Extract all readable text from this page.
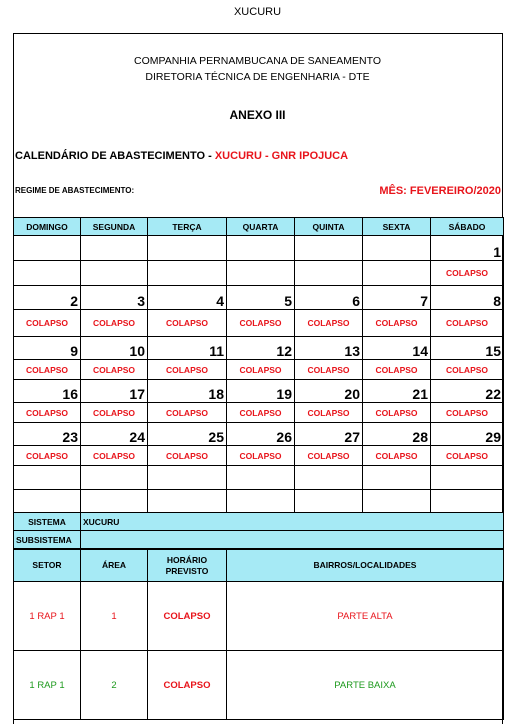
XUCURU
COMPANHIA PERNAMBUCANA DE SANEAMENTO
DIRETORIA TÉCNICA DE ENGENHARIA - DTE
ANEXO III
CALENDÁRIO DE ABASTECIMENTO - XUCURU - GNR IPOJUCA
REGIME DE ABASTECIMENTO:	MÊS: FEVEREIRO/2020
DOMINGO	SEGUNDA	TERÇA	QUARTA	QUINTA	SEXTA	SÁBADO
						1
						COLAPSO
2	3	4	5	6	7	8
COLAPSO	COLAPSO	COLAPSO	COLAPSO	COLAPSO	COLAPSO	COLAPSO
9	10	11	12	13	14	15
COLAPSO	COLAPSO	COLAPSO	COLAPSO	COLAPSO	COLAPSO	COLAPSO
16	17	18	19	20	21	22
COLAPSO	COLAPSO	COLAPSO	COLAPSO	COLAPSO	COLAPSO	COLAPSO
23	24	25	26	27	28	29
COLAPSO	COLAPSO	COLAPSO	COLAPSO	COLAPSO	COLAPSO	COLAPSO

SISTEMA	XUCURU
SUBSISTEMA	
SETOR	ÁREA	HORÁRIO PREVISTO	BAIRROS/LOCALIDADES
1 RAP 1	1	COLAPSO	PARTE ALTA
1 RAP 1	2	COLAPSO	PARTE BAIXA
